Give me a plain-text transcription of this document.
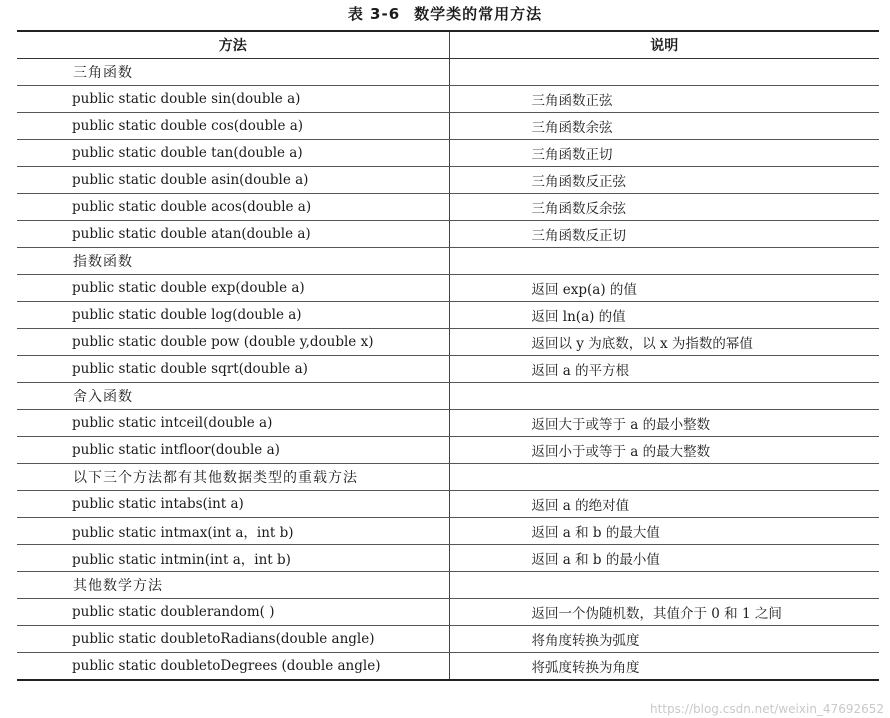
表 3-6 数学类的常用方法
方法	说明
三角函数	
public static double sin(double a)	三角函数正弦
public static double cos(double a)	三角函数余弦
public static double tan(double a)	三角函数正切
public static double asin(double a)	三角函数反正弦
public static double acos(double a)	三角函数反余弦
public static double atan(double a)	三角函数反正切
指数函数	
public static double exp(double a)	返回 exp(a) 的值
public static double log(double a)	返回 ln(a) 的值
public static double pow (double y,double x)	返回以 y 为底数，以 x 为指数的幂值
public static double sqrt(double a)	返回 a 的平方根
舍入函数	
public static intceil(double a)	返回大于或等于 a 的最小整数
public static intfloor(double a)	返回小于或等于 a 的最大整数
以下三个方法都有其他数据类型的重载方法	
public static intabs(int a)	返回 a 的绝对值
public static intmax(int a，int b)	返回 a 和 b 的最大值
public static intmin(int a，int b)	返回 a 和 b 的最小值
其他数学方法	
public static doublerandom( )	返回一个伪随机数，其值介于 0 和 1 之间
public static doubletoRadians(double angle)	将角度转换为弧度
public static doubletoDegrees (double angle)	将弧度转换为角度
https://blog.csdn.net/weixin_47692652
